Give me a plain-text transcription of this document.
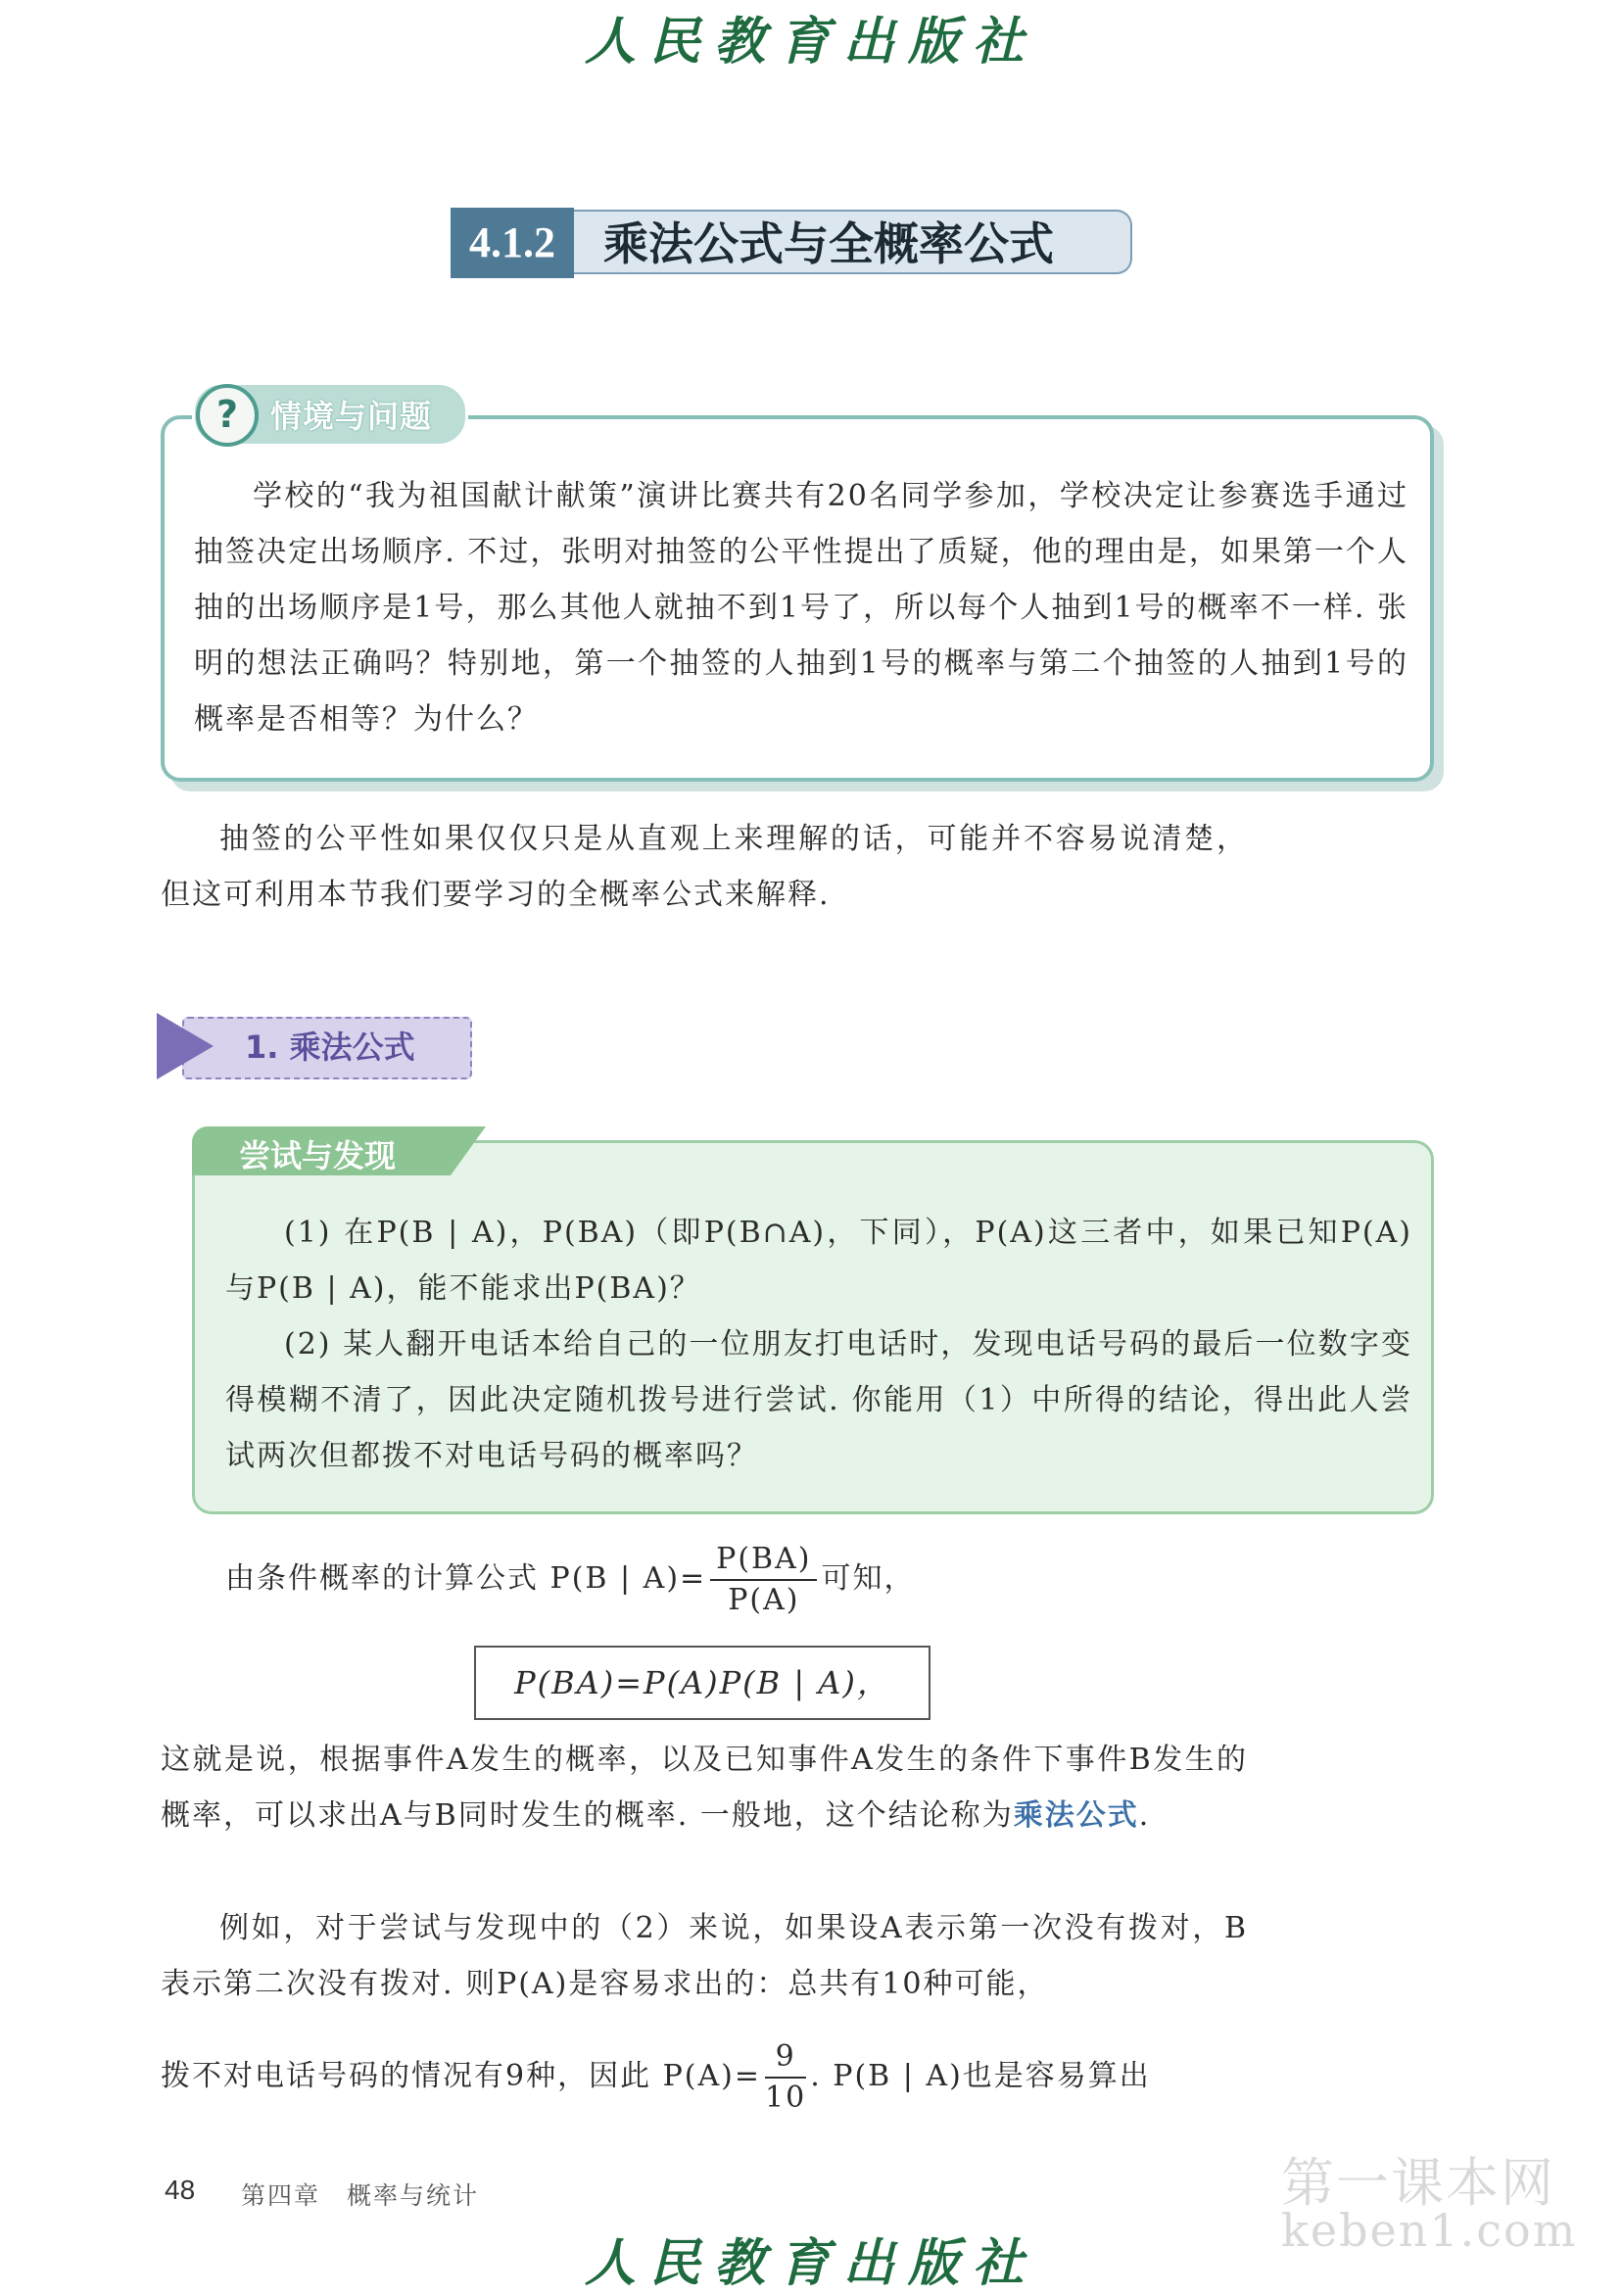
人民教育出版社
4.1.2	乘法公式与全概率公式
?	情境与问题

学校的“我为祖国献计献策”演讲比赛共有20名同学参加，学校决定让参赛选手通过抽签决定出场顺序. 不过，张明对抽签的公平性提出了质疑，他的理由是，如果第一个人抽的出场顺序是1号，那么其他人就抽不到1号了，所以每个人抽到1号的概率不一样. 张明的想法正确吗？特别地，第一个抽签的人抽到1号的概率与第二个抽签的人抽到1号的概率是否相等？为什么？

抽签的公平性如果仅仅只是从直观上来理解的话，可能并不容易说清楚，但这可利用本节我们要学习的全概率公式来解释.

1. 乘法公式
尝试与发现

(1) 在P(B | A)，P(BA)（即P(B∩A)，下同），P(A)这三者中，如果已知P(A)与P(B | A)，能不能求出P(BA)？

(2) 某人翻开电话本给自己的一位朋友打电话时，发现电话号码的最后一位数字变得模糊不清了，因此决定随机拨号进行尝试. 你能用（1）中所得的结论，得出此人尝试两次但都拨不对电话号码的概率吗？

由条件概率的计算公式 P(B | $A)= \frac{P(BA)}{P(A)}$ 可知，
P(BA)=P(A)P(B | A)，

这就是说，根据事件A发生的概率，以及已知事件A发生的条件下事件B发生的概率，可以求出A与B同时发生的概率. 一般地，这个结论称为乘法公式.

例如，对于尝试与发现中的（2）来说，如果设A表示第一次没有拨对，B表示第二次没有拨对. 则P(A)是容易求出的：总共有10种可能，

拨不对电话号码的情况有9种，因此 $P(A)= \frac{9}{10}$ . P(B | A)也是容易算出

48 第四章　概率与统计	第一课本网
keben1.com
人民教育出版社
